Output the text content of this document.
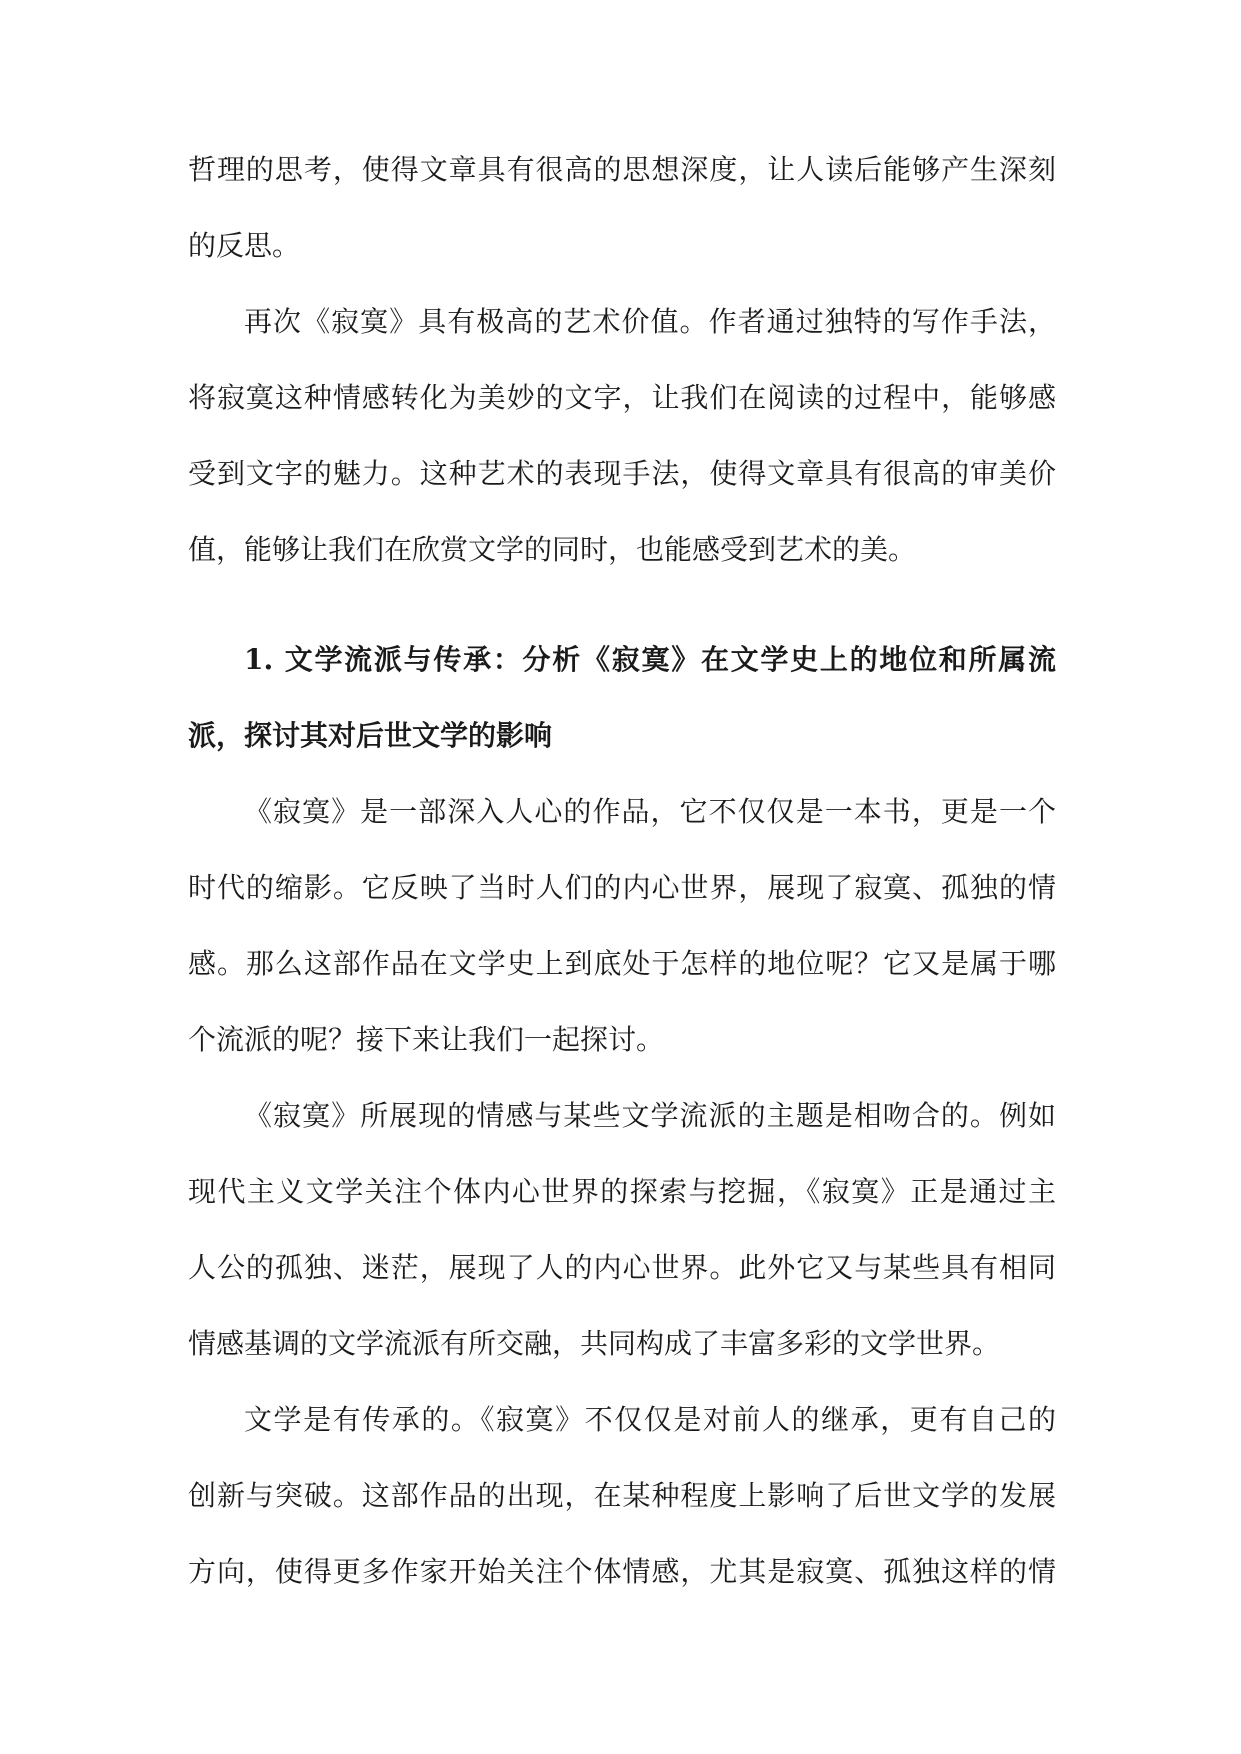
哲理的思考，使得文章具有很高的思想深度，让人读后能够产生深刻
的反思。
再次《寂寞》具有极高的艺术价值。作者通过独特的写作手法，
将寂寞这种情感转化为美妙的文字，让我们在阅读的过程中，能够感
受到文字的魅力。这种艺术的表现手法，使得文章具有很高的审美价
值，能够让我们在欣赏文学的同时，也能感受到艺术的美。
1. 文学流派与传承：分析《寂寞》在文学史上的地位和所属流
派，探讨其对后世文学的影响
《寂寞》是一部深入人心的作品，它不仅仅是一本书，更是一个
时代的缩影。它反映了当时人们的内心世界，展现了寂寞、孤独的情
感。那么这部作品在文学史上到底处于怎样的地位呢？它又是属于哪
个流派的呢？接下来让我们一起探讨。
《寂寞》所展现的情感与某些文学流派的主题是相吻合的。例如
现代主义文学关注个体内心世界的探索与挖掘，《寂寞》正是通过主
人公的孤独、迷茫，展现了人的内心世界。此外它又与某些具有相同
情感基调的文学流派有所交融，共同构成了丰富多彩的文学世界。
文学是有传承的。《寂寞》不仅仅是对前人的继承，更有自己的
创新与突破。这部作品的出现，在某种程度上影响了后世文学的发展
方向，使得更多作家开始关注个体情感，尤其是寂寞、孤独这样的情
